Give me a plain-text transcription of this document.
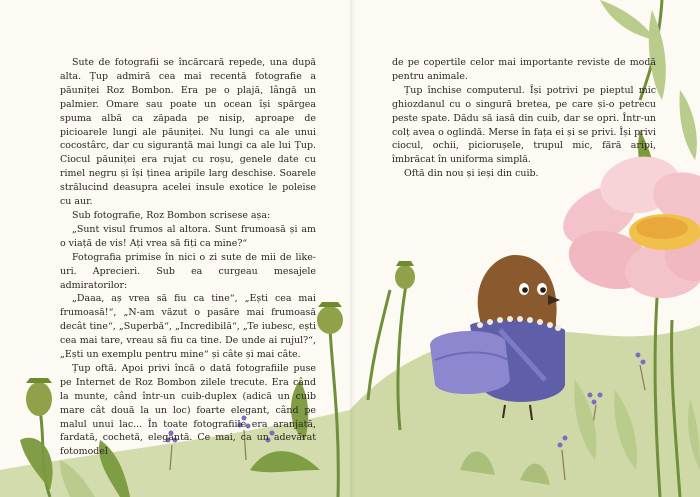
Sute de fotografii se încărcară repede, una după alta. Țup admiră cea mai recentă fotografie a păuniței Roz Bombon. Era pe o plajă, lângă un palmier. Omare sau poate un ocean își spărgea spuma albă ca zăpada pe nisip, aproape de picioarele lungi ale păuniței. Nu lungi ca ale unui cocostârc, dar cu siguranță mai lungi ca ale lui Țup. Ciocul păuniței era rujat cu roșu, genele date cu rimel negru și își ținea aripile larg deschise. Soarele strălucind deasupra acelei insule exotice le poleise cu aur.

Sub fotografie, Roz Bombon scrisese așa:

„Sunt visul frumos al altora. Sunt frumoasă și am o viață de vis! Ați vrea să fiți ca mine?“

Fotografia primise în nici o zi sute de mii de like-uri. Aprecieri. Sub ea curgeau mesajele admiratorilor:

„Daaa, aș vrea să fiu ca tine“, „Ești cea mai frumoasă!“, „N-am văzut o pasăre mai frumoasă decât tine“, „Superbă“, „Incredibilă“, „Te iubesc, ești cea mai tare, vreau să fiu ca tine. De unde ai rujul?“, „Ești un exemplu pentru mine“ și câte și mai câte.

Țup oftă. Apoi privi încă o dată fotografiile puse pe Internet de Roz Bombon zilele trecute. Era când la munte, când într-un cuib-duplex (adică un cuib mare cât două la un loc) foarte elegant, când pe malul unui lac... În toate fotografiile era aranjată, fardată, cochetă, elegantă. Ce mai, ca un adevărat fotomodel

de pe copertile celor mai importante reviste de modă pentru animale.

Țup închise computerul. Își potrivi pe pieptul mic ghiozdanul cu o singură breteа, pe care și-o petrecu peste spate. Dădu să iasă din cuib, dar se opri. Într-un colț avea o oglindă. Merse în fața ei și se privi. Își privi ciocul, ochii, piciorușele, trupul mic, fără aripi, îmbrăcat în uniforma simplă.

Oftă din nou și ieși din cuib.
